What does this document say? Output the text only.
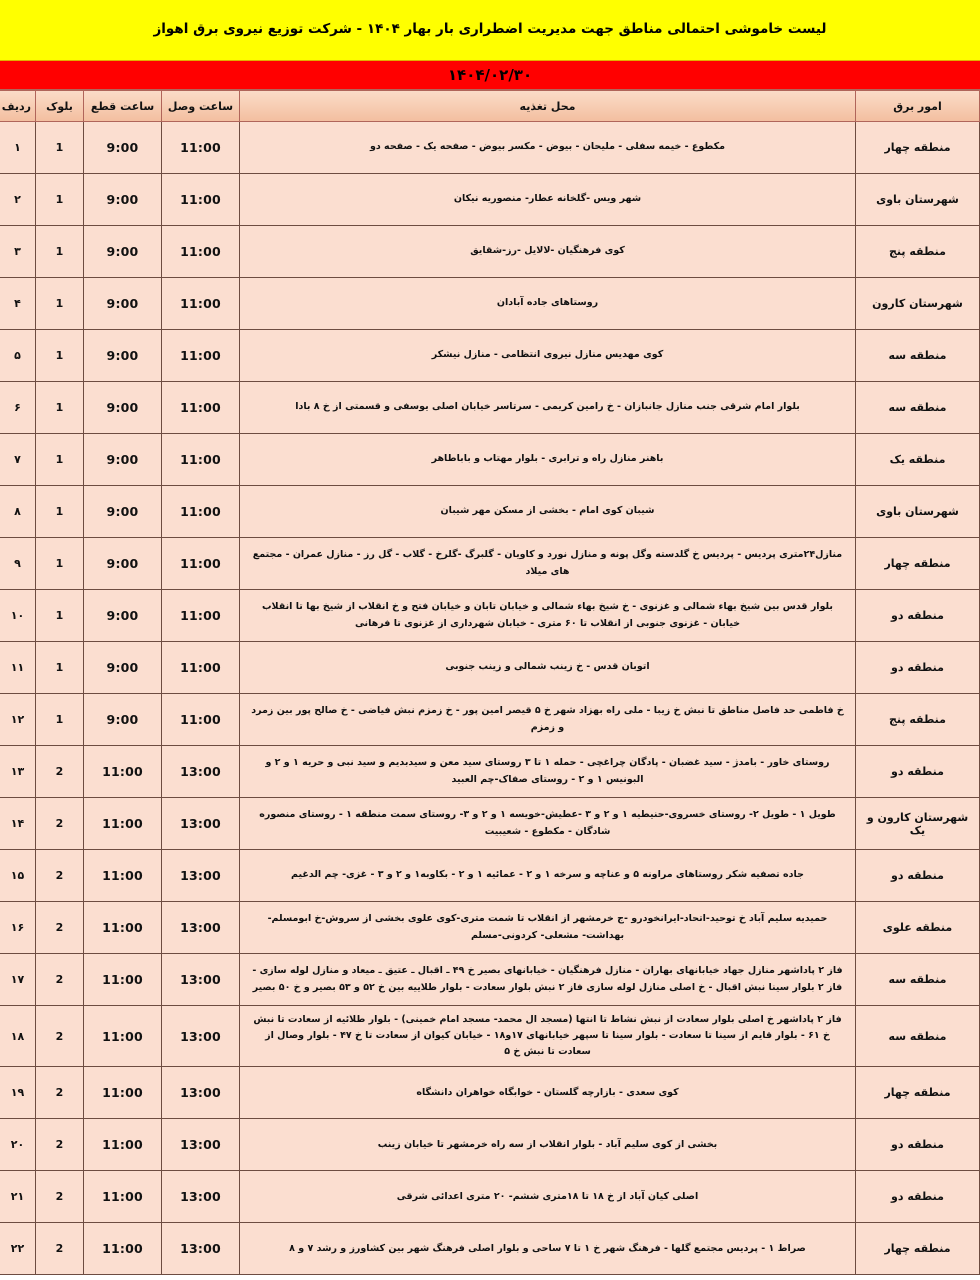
لیست خاموشی احتمالی مناطق جهت مدیریت اضطراری بار بهار ۱۴۰۴ - شرکت توزیع نیروی برق اهواز
۱۴۰۴/۰۲/۳۰
امور برق	محل تغذیه	ساعت وصل	ساعت قطع	بلوک	ردیف
منطقه چهار	مکطوع - خیمه سفلی - ملیحان - بیوض - مکسر بیوض - صفحه یک - صفحه دو	11:00	9:00	1	۱
شهرستان باوی	شهر ویس -گلخانه عطار- منصوریه نیکان	11:00	9:00	1	۲
منطقه پنج	کوی فرهنگیان -لالایل -رز-شقایق	11:00	9:00	1	۳
شهرستان کارون	روستاهای جاده آبادان	11:00	9:00	1	۴
منطقه سه	کوی مهدیس منازل نیروی انتظامی - منازل نیشکر	11:00	9:00	1	۵
منطقه سه	بلوار امام شرقی جنب منازل جانبازان - خ رامین کریمی - سرتاسر خیابان اصلی یوسفی و قسمتی از خ ۸ بادا	11:00	9:00	1	۶
منطقه یک	باهنر منازل راه و ترابری - بلوار مهتاب و باباطاهر	11:00	9:00	1	۷
شهرستان باوی	شیبان کوی امام - بخشی از مسکن مهر شیبان	11:00	9:00	1	۸
منطقه چهار	منازل۲۴متری پردیس - پردیس خ گلدسته وگل پونه و منازل نورد و کاویان - گلبرگ -گلرخ - گلاب - گل رز - منازل عمران - مجتمع های میلاد	11:00	9:00	1	۹
منطقه دو	بلوار قدس بین شیخ بهاء شمالی و غزنوی - خ شیخ بهاء شمالی و خیابان تابان و خیابان فتح و خ انقلاب از شیخ بها تا انقلاب خیابان - غزنوی جنوبی از انقلاب تا ۶۰ متری - خیابان شهرداری از غزنوی تا فرهانی	11:00	9:00	1	۱۰
منطقه دو	اتوبان قدس - خ زینب شمالی و زینب جنوبی	11:00	9:00	1	۱۱
منطقه پنج	خ فاطمی حد فاصل مناطق تا نبش خ زیبا - ملی راه بهزاد شهر خ ۵ قیصر امین پور - خ زمزم نبش فیاضی - خ صالح پور بین زمرد و زمزم	11:00	9:00	1	۱۲
منطقه دو	روستای خاور - بامدژ - سید غضبان - پادگان چراغچی - حمله ۱ تا ۳ روستای سید معن و سیدبدیم و سید نبی و حریه ۱ و ۲ و البونیس ۱ و ۲ - روستای صفاک-چم العبید	13:00	11:00	2	۱۳
شهرستان کارون و یک	طویل ۱ - طویل ۲- روستای خسروی-حنیطیه ۱ و ۲ و ۳ -عطیش-خویسه ۱ و ۲ و ۳- روستای سمت منطقه ۱ - روستای منصوره شادگان - مکطوع - شعیبیت	13:00	11:00	2	۱۴
منطقه دو	جاده تصفیه شکر روستاهای مراونه ۵ و عناچه و سرخه ۱ و ۲ - عمائیه ۱ و ۲ - بکاوبه۱ و ۲ و ۳ - غزی- چم الدغیم	13:00	11:00	2	۱۵
منطقه علوی	حمیدیه سلیم آباد خ توحید-اتحاد-ایرانخودرو -ج خرمشهر از انقلاب تا شمت متری-کوی علوی بخشی از سروش-خ ابومسلم- بهداشت- مشعلی- کردونی-مسلم	13:00	11:00	2	۱۶
منطقه سه	فاز ۲ پاداشهر منازل جهاد خیابانهای بهاران - منازل فرهنگیان - خیابانهای بصیر خ ۴۹ ـ اقبال ـ عتیق ـ میعاد و منازل لوله سازی - فاز ۲ بلوار سینا نبش اقبال - خ اصلی منازل لوله سازی فاز ۲ نبش بلوار سعادت - بلوار طلاییه بین خ ۵۲ و ۵۳ بصیر و خ ۵۰ بصیر	13:00	11:00	2	۱۷
منطقه سه	فاز ۲ پاداشهر خ اصلی بلوار سعادت از نبش نشاط تا انتها (مسجد ال محمد- مسجد امام خمینی) - بلوار طلائیه از سعادت تا نبش خ ۶۱ - بلوار قایم از سینا تا سعادت - بلوار سینا تا سپهر خیابانهای ۱۷و۱۸ - خیابان کیوان از سعادت تا خ ۴۷ - بلوار وصال از سعادت تا نبش خ ۵	13:00	11:00	2	۱۸
منطقه چهار	کوی سعدی - بازارچه گلستان - خوابگاه خواهران دانشگاه	13:00	11:00	2	۱۹
منطقه دو	بخشی از کوی سلیم آباد - بلوار انقلاب از سه راه خرمشهر تا خیابان زینب	13:00	11:00	2	۲۰
منطقه دو	اصلی کیان آباد از خ ۱۸ تا ۱۸متری ششم- ۲۰ متری اعدائی شرقی	13:00	11:00	2	۲۱
منطقه چهار	صراط ۱ - پردیس مجتمع گلها - فرهنگ شهر خ ۱ تا ۷ ساحی و بلوار اصلی فرهنگ شهر بین کشاورز و رشد ۷ و ۸	13:00	11:00	2	۲۲
